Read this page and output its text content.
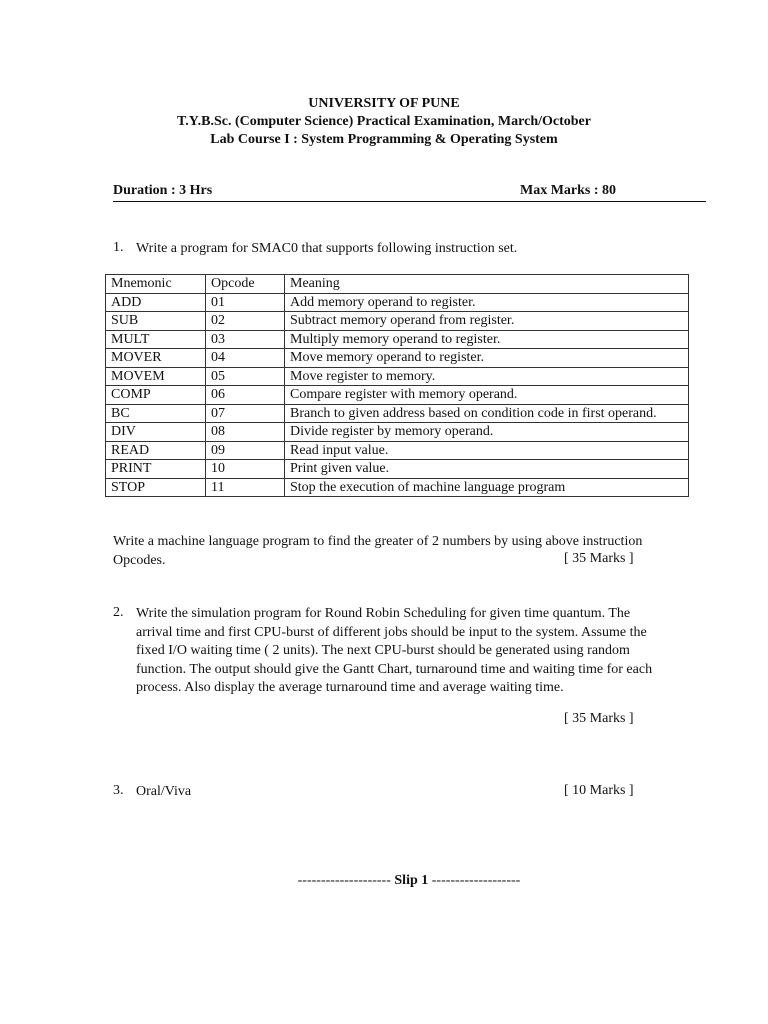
UNIVERSITY OF PUNE
T.Y.B.Sc. (Computer Science) Practical Examination, March/October
Lab Course I : System Programming & Operating System
Duration : 3 Hrs	Max Marks : 80
1. Write a program for SMAC0 that supports following instruction set.
Mnemonic	Opcode	Meaning
ADD	01	Add memory operand to register.
SUB	02	Subtract memory operand from register.
MULT	03	Multiply memory operand to register.
MOVER	04	Move memory operand to register.
MOVEM	05	Move register to memory.
COMP	06	Compare register with memory operand.
BC	07	Branch to given address based on condition code in first operand.
DIV	08	Divide register by memory operand.
READ	09	Read input value.
PRINT	10	Print given value.
STOP	11	Stop the execution of machine language program
Write a machine language program to find the greater of 2 numbers by using above instruction
Opcodes.	[ 35 Marks ]
2. Write the simulation program for Round Robin Scheduling for given time quantum. The
arrival time and first CPU-burst of different jobs should be input to the system. Assume the
fixed I/O waiting time ( 2 units). The next CPU-burst should be generated using random
function. The output should give the Gantt Chart, turnaround time and waiting time for each
process. Also display the average turnaround time and average waiting time.
[ 35 Marks ]
3. Oral/Viva	[ 10 Marks ]
-------------------- Slip 1 -------------------
